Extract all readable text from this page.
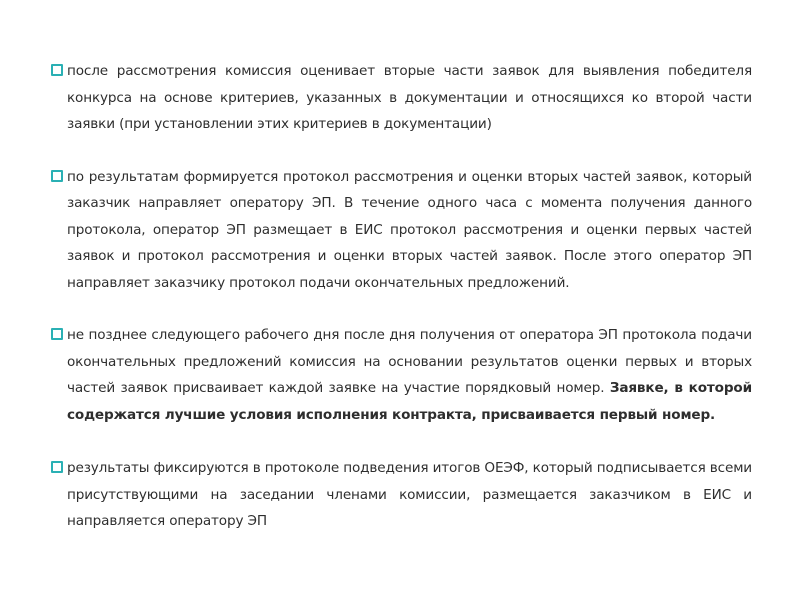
после рассмотрения комиссия оценивает вторые части заявок для выявления победителя конкурса на основе критериев, указанных в документации и относящихся ко второй части заявки (при установлении этих критериев в документации)

по результатам формируется протокол рассмотрения и оценки вторых частей заявок, который заказчик направляет оператору ЭП. В течение одного часа с момента получения данного протокола, оператор ЭП размещает в ЕИС протокол рассмотрения и оценки первых частей заявок и протокол рассмотрения и оценки вторых частей заявок. После этого оператор ЭП направляет заказчику протокол подачи окончательных предложений.

не позднее следующего рабочего дня после дня получения от оператора ЭП протокола подачи окончательных предложений комиссия на основании результатов оценки первых и вторых частей заявок присваивает каждой заявке на участие порядковый номер. Заявке, в которой содержатся лучшие условия исполнения контракта, присваивается первый номер.

результаты фиксируются в протоколе подведения итогов ОЕЭФ, который подписывается всеми присутствующими на заседании членами комиссии, размещается заказчиком в ЕИС и направляется оператору ЭП
